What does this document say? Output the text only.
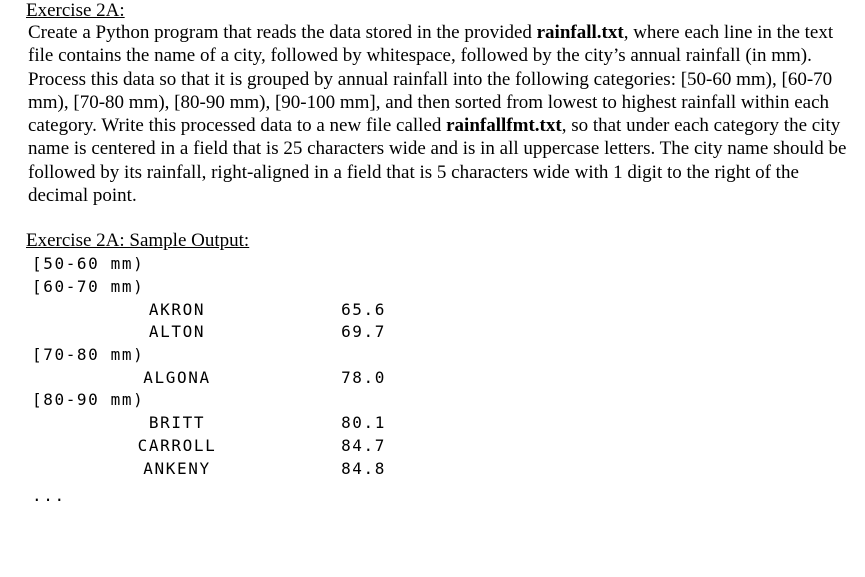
Exercise 2A:

Create a Python program that reads the data stored in the provided rainfall.txt, where each line in the text file contains the name of a city, followed by whitespace, followed by the city’s annual rainfall (in mm). Process this data so that it is grouped by annual rainfall into the following categories: [50-60 mm), [60-70 mm), [70-80 mm), [80-90 mm), [90-100 mm], and then sorted from lowest to highest rainfall within each category. Write this processed data to a new file called rainfallfmt.txt, so that under each category the city name is centered in a field that is 25 characters wide and is in all uppercase letters. The city name should be followed by its rainfall, right-aligned in a field that is 5 characters wide with 1 digit to the right of the decimal point.

Exercise 2A: Sample Output:
[50-60 mm)
[60-70 mm)
AKRON	65.6
ALTON	69.7
[70-80 mm)
ALGONA	78.0
[80-90 mm)
BRITT	80.1
CARROLL	84.7
ANKENY	84.8
...
